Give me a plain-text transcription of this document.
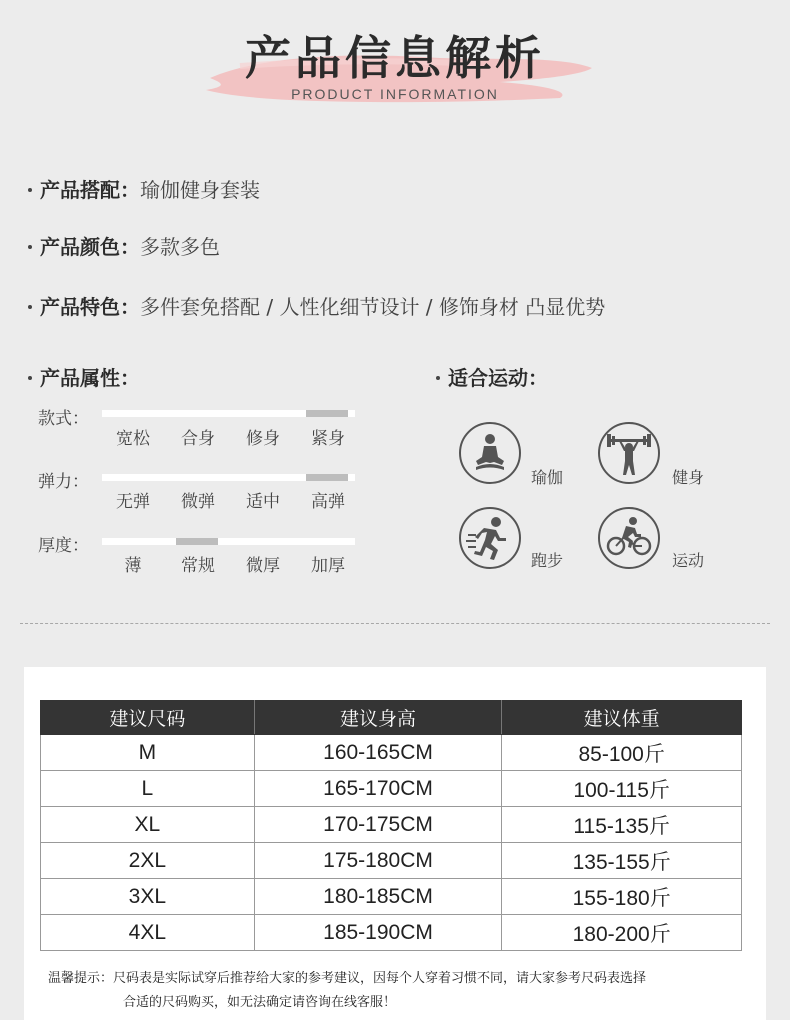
产品信息解析
PRODUCT INFORMATION
产品搭配：瑜伽健身套装
产品颜色：多款多色
产品特色：多件套免搭配 / 人性化细节设计 / 修饰身材 凸显优势
产品属性：
款式：
宽松	合身	修身	紧身
弹力：
无弹	微弹	适中	高弹
厚度：
薄	常规	微厚	加厚
适合运动：
瑜伽	健身
跑步	运动
建议尺码	建议身高	建议体重
M	160-165CM	85-100斤
L	165-170CM	100-115斤
XL	170-175CM	115-135斤
2XL	175-180CM	135-155斤
3XL	180-185CM	155-180斤
4XL	185-190CM	180-200斤
温馨提示：尺码表是实际试穿后推荐给大家的参考建议，因每个人穿着习惯不同，请大家参考尺码表选择
合适的尺码购买，如无法确定请咨询在线客服！
